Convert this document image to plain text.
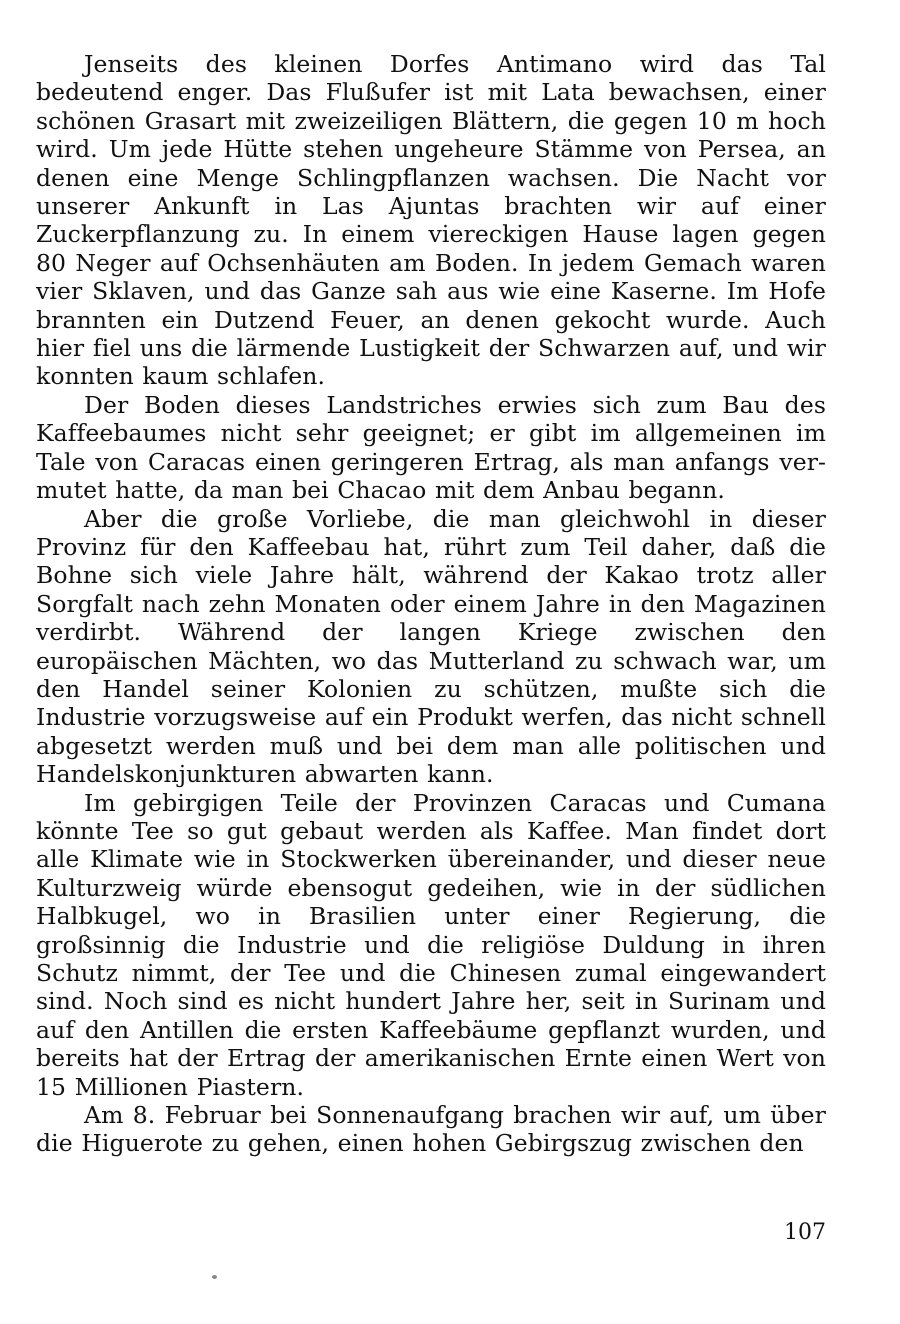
Jenseits des kleinen Dorfes Antimano wird das Tal bedeutend enger. Das Flußufer ist mit Lata bewachsen, einer schönen Grasart mit zweizeiligen Blättern, die gegen 10 m hoch wird. Um jede Hütte stehen ungeheure Stämme von Persea, an denen eine Menge Schlingpflanzen wachsen. Die Nacht vor unserer Ankunft in Las Ajuntas brachten wir auf einer Zuckerpflanzung zu. In einem viereckigen Hause lagen gegen 80 Neger auf Ochsenhäuten am Boden. In jedem Gemach waren vier Sklaven, und das Ganze sah aus wie eine Kaserne. Im Hofe brannten ein Dutzend Feuer, an denen gekocht wurde. Auch hier fiel uns die lärmende Lustigkeit der Schwarzen auf, und wir konnten kaum schlafen.

Der Boden dieses Landstriches erwies sich zum Bau des Kaffeebaumes nicht sehr geeignet; er gibt im allgemeinen im Tale von Caracas einen geringeren Ertrag, als man anfangs vermutet hatte, da man bei Chacao mit dem Anbau begann.

Aber die große Vorliebe, die man gleichwohl in dieser Provinz für den Kaffeebau hat, rührt zum Teil daher, daß die Bohne sich viele Jahre hält, während der Kakao trotz aller Sorgfalt nach zehn Monaten oder einem Jahre in den Magazinen verdirbt. Während der langen Kriege zwischen den europäischen Mächten, wo das Mutterland zu schwach war, um den Handel seiner Kolonien zu schützen, mußte sich die Industrie vorzugsweise auf ein Produkt werfen, das nicht schnell abgesetzt werden muß und bei dem man alle politischen und Handelskonjunkturen abwarten kann.

Im gebirgigen Teile der Provinzen Caracas und Cumana könnte Tee so gut gebaut werden als Kaffee. Man findet dort alle Klimate wie in Stockwerken übereinander, und dieser neue Kulturzweig würde ebensogut gedeihen, wie in der südlichen Halbkugel, wo in Brasilien unter einer Regierung, die großsinnig die Industrie und die religiöse Duldung in ihren Schutz nimmt, der Tee und die Chinesen zumal eingewandert sind. Noch sind es nicht hundert Jahre her, seit in Surinam und auf den Antillen die ersten Kaffeebäume gepflanzt wurden, und bereits hat der Ertrag der amerikanischen Ernte einen Wert von 15 Millionen Piastern.

Am 8. Februar bei Sonnenaufgang brachen wir auf, um über die Higuerote zu gehen, einen hohen Gebirgszug zwischen den

107
